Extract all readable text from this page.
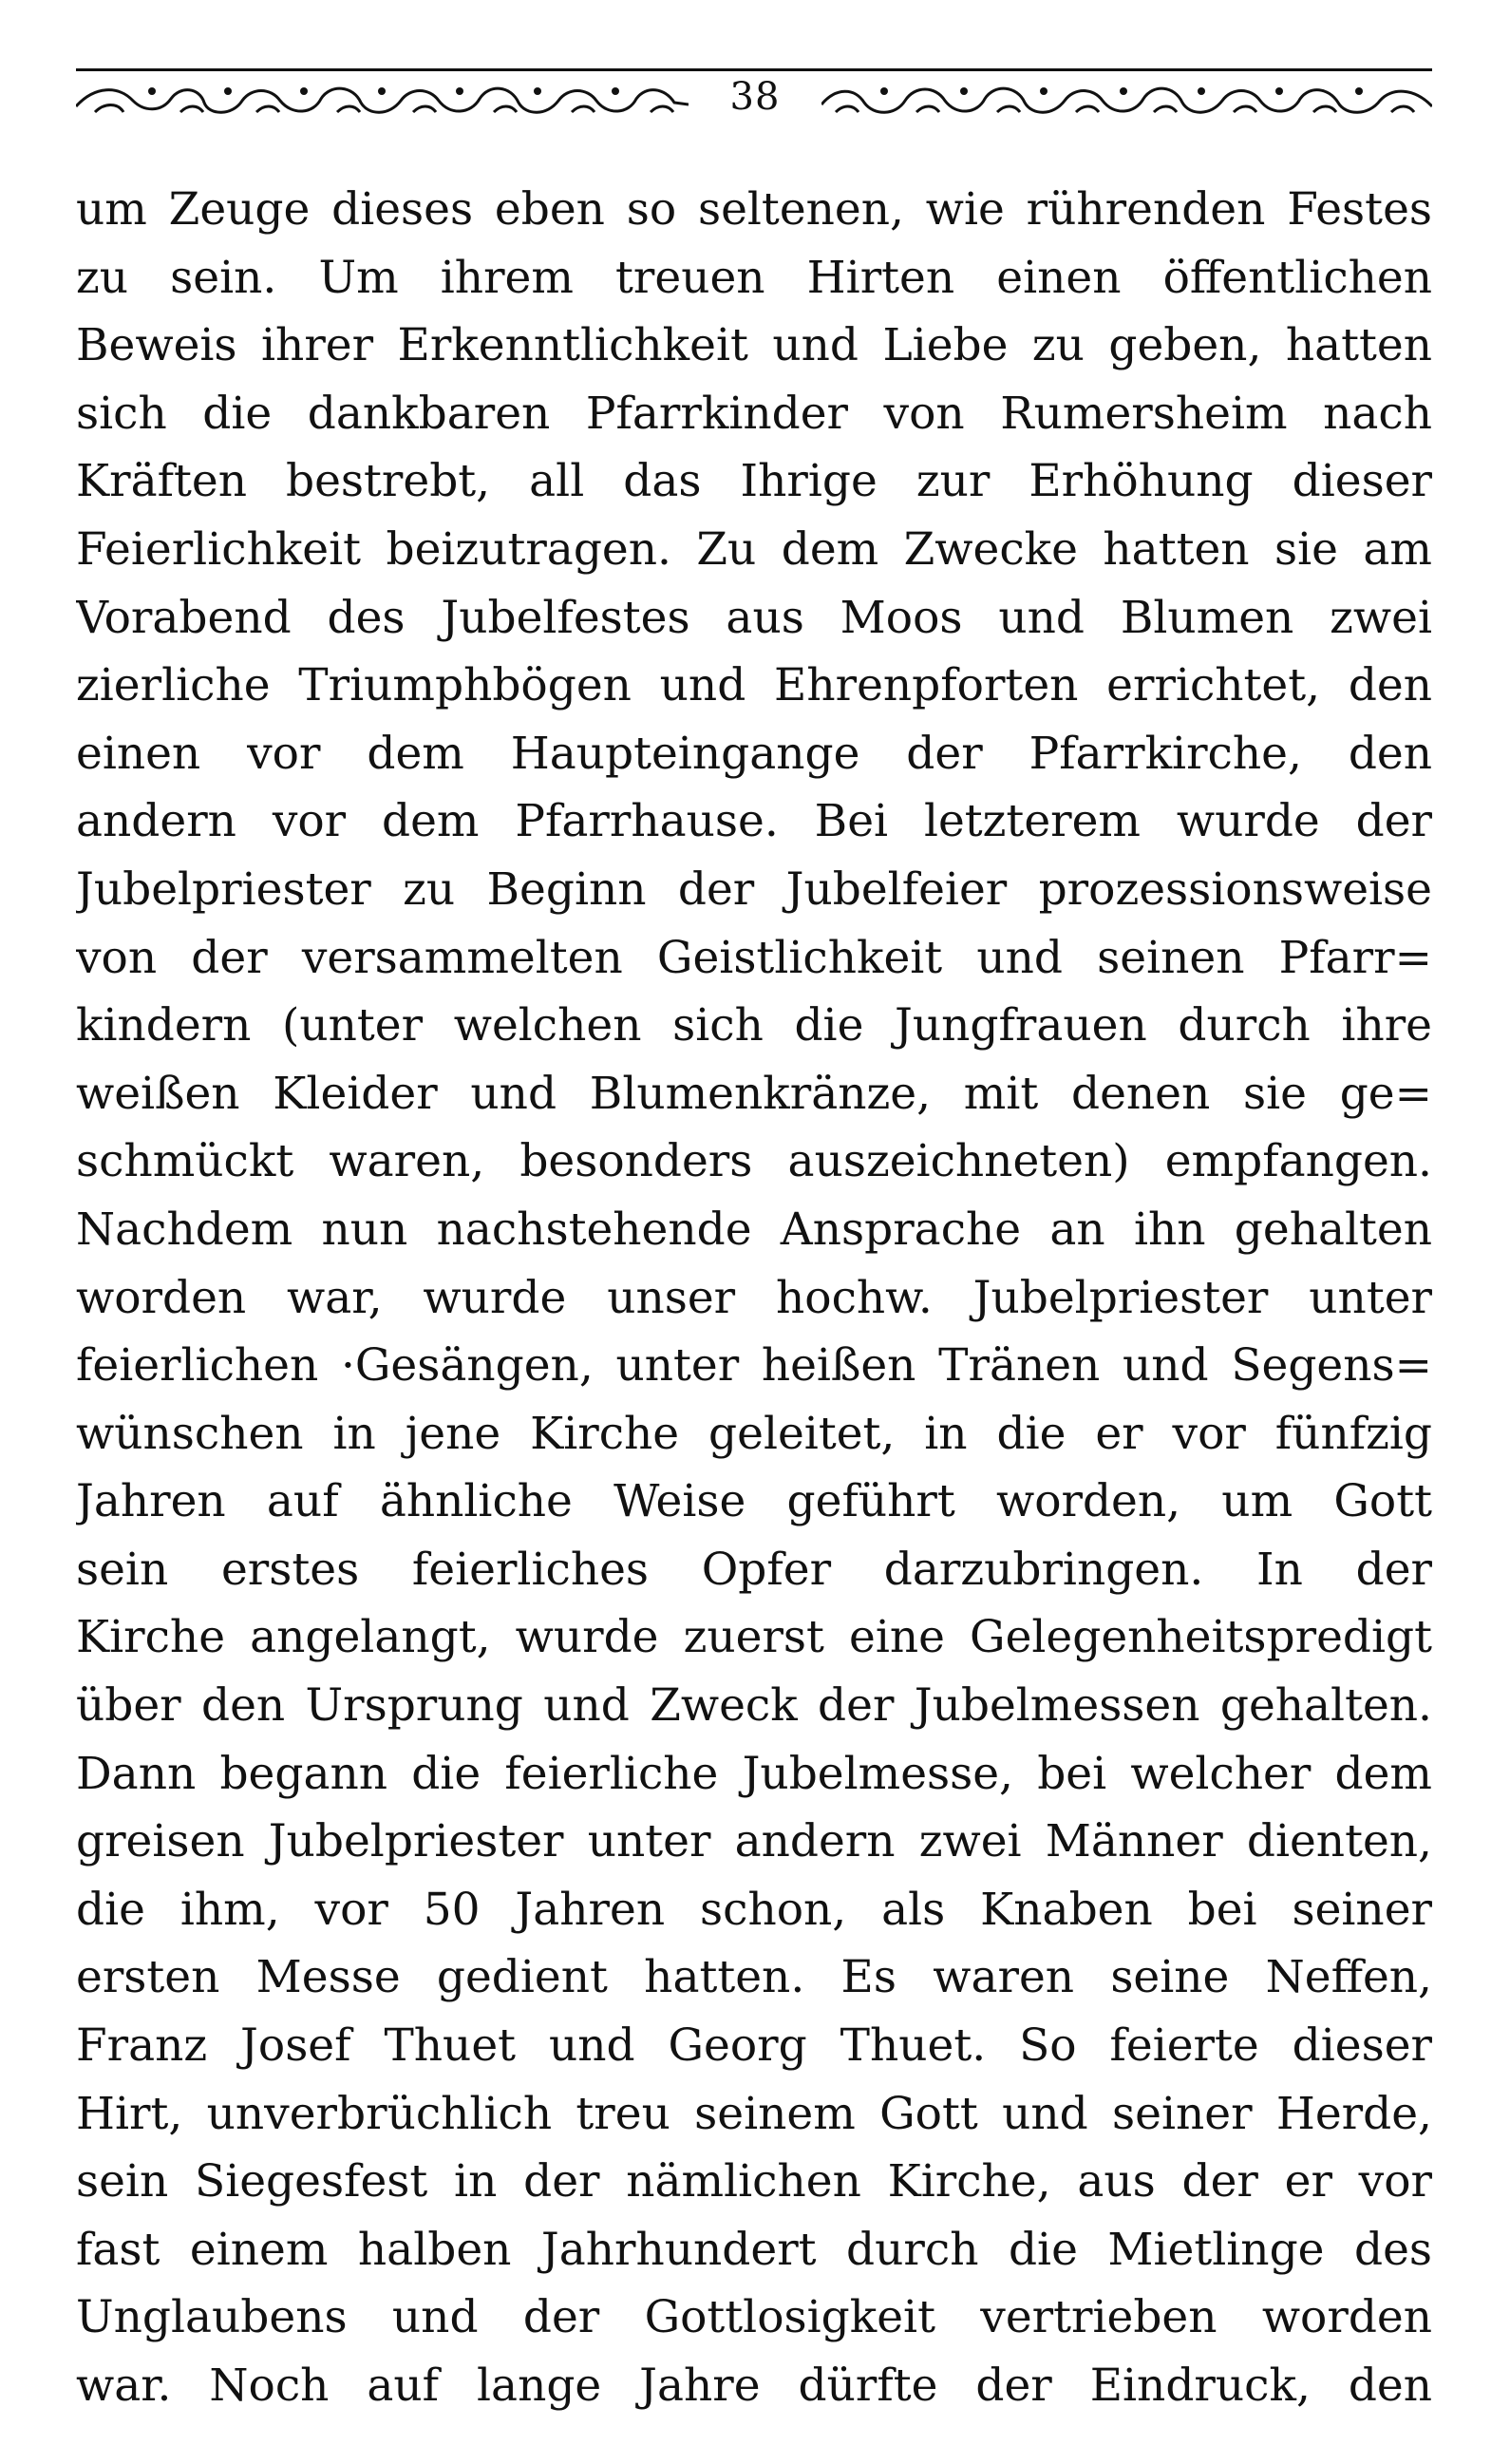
38
um Zeuge dieses eben so seltenen, wie rührenden Festes
zu sein. Um ihrem treuen Hirten einen öffentlichen
Beweis ihrer Erkenntlichkeit und Liebe zu geben, hatten
sich die dankbaren Pfarrkinder von Rumersheim nach
Kräften bestrebt, all das Ihrige zur Erhöhung dieser
Feierlichkeit beizutragen. Zu dem Zwecke hatten sie am
Vorabend des Jubelfestes aus Moos und Blumen zwei
zierliche Triumphbögen und Ehrenpforten errichtet, den
einen vor dem Haupteingange der Pfarrkirche, den
andern vor dem Pfarrhause. Bei letzterem wurde der
Jubelpriester zu Beginn der Jubelfeier prozessionsweise
von der versammelten Geistlichkeit und seinen Pfarr=
kindern (unter welchen sich die Jungfrauen durch ihre
weißen Kleider und Blumenkränze, mit denen sie ge=
schmückt waren, besonders auszeichneten) empfangen.
Nachdem nun nachstehende Ansprache an ihn gehalten
worden war, wurde unser hochw. Jubelpriester unter
feierlichen ·Gesängen, unter heißen Tränen und Segens=
wünschen in jene Kirche geleitet, in die er vor fünfzig
Jahren auf ähnliche Weise geführt worden, um Gott
sein erstes feierliches Opfer darzubringen. In der
Kirche angelangt, wurde zuerst eine Gelegenheitspredigt
über den Ursprung und Zweck der Jubelmessen gehalten.
Dann begann die feierliche Jubelmesse, bei welcher dem
greisen Jubelpriester unter andern zwei Männer dienten,
die ihm, vor 50 Jahren schon, als Knaben bei seiner
ersten Messe gedient hatten. Es waren seine Neffen,
Franz Josef Thuet und Georg Thuet. So feierte dieser
Hirt, unverbrüchlich treu seinem Gott und seiner Herde,
sein Siegesfest in der nämlichen Kirche, aus der er vor
fast einem halben Jahrhundert durch die Mietlinge des
Unglaubens und der Gottlosigkeit vertrieben worden
war. Noch auf lange Jahre dürfte der Eindruck, den
